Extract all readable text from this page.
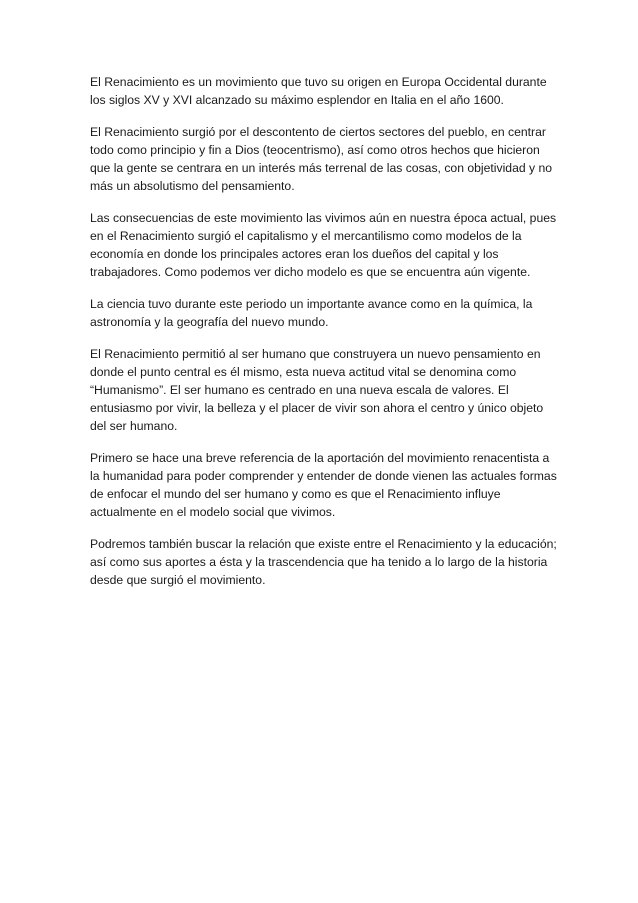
El Renacimiento es un movimiento que tuvo su origen en Europa Occidental durante
los siglos XV y XVI alcanzado su máximo esplendor en Italia en el año 1600.

El Renacimiento surgió por el descontento de ciertos sectores del pueblo, en centrar
todo como principio y fin a Dios (teocentrismo), así como otros hechos que hicieron
que la gente se centrara en un interés más terrenal de las cosas, con objetividad y no
más un absolutismo del pensamiento.

Las consecuencias de este movimiento las vivimos aún en nuestra época actual, pues
en el Renacimiento surgió el capitalismo y el mercantilismo como modelos de la
economía en donde los principales actores eran los dueños del capital y los
trabajadores. Como podemos ver dicho modelo es que se encuentra aún vigente.

La ciencia tuvo durante este periodo un importante avance como en la química, la
astronomía y la geografía del nuevo mundo.

El Renacimiento permitió al ser humano que construyera un nuevo pensamiento en
donde el punto central es él mismo, esta nueva actitud vital se denomina como
“Humanismo”. El ser humano es centrado en una nueva escala de valores. El
entusiasmo por vivir, la belleza y el placer de vivir son ahora el centro y único objeto
del ser humano.

Primero se hace una breve referencia de la aportación del movimiento renacentista a
la humanidad para poder comprender y entender de donde vienen las actuales formas
de enfocar el mundo del ser humano y como es que el Renacimiento influye
actualmente en el modelo social que vivimos.

Podremos también buscar la relación que existe entre el Renacimiento y la educación;
así como sus aportes a ésta y la trascendencia que ha tenido a lo largo de la historia
desde que surgió el movimiento.
